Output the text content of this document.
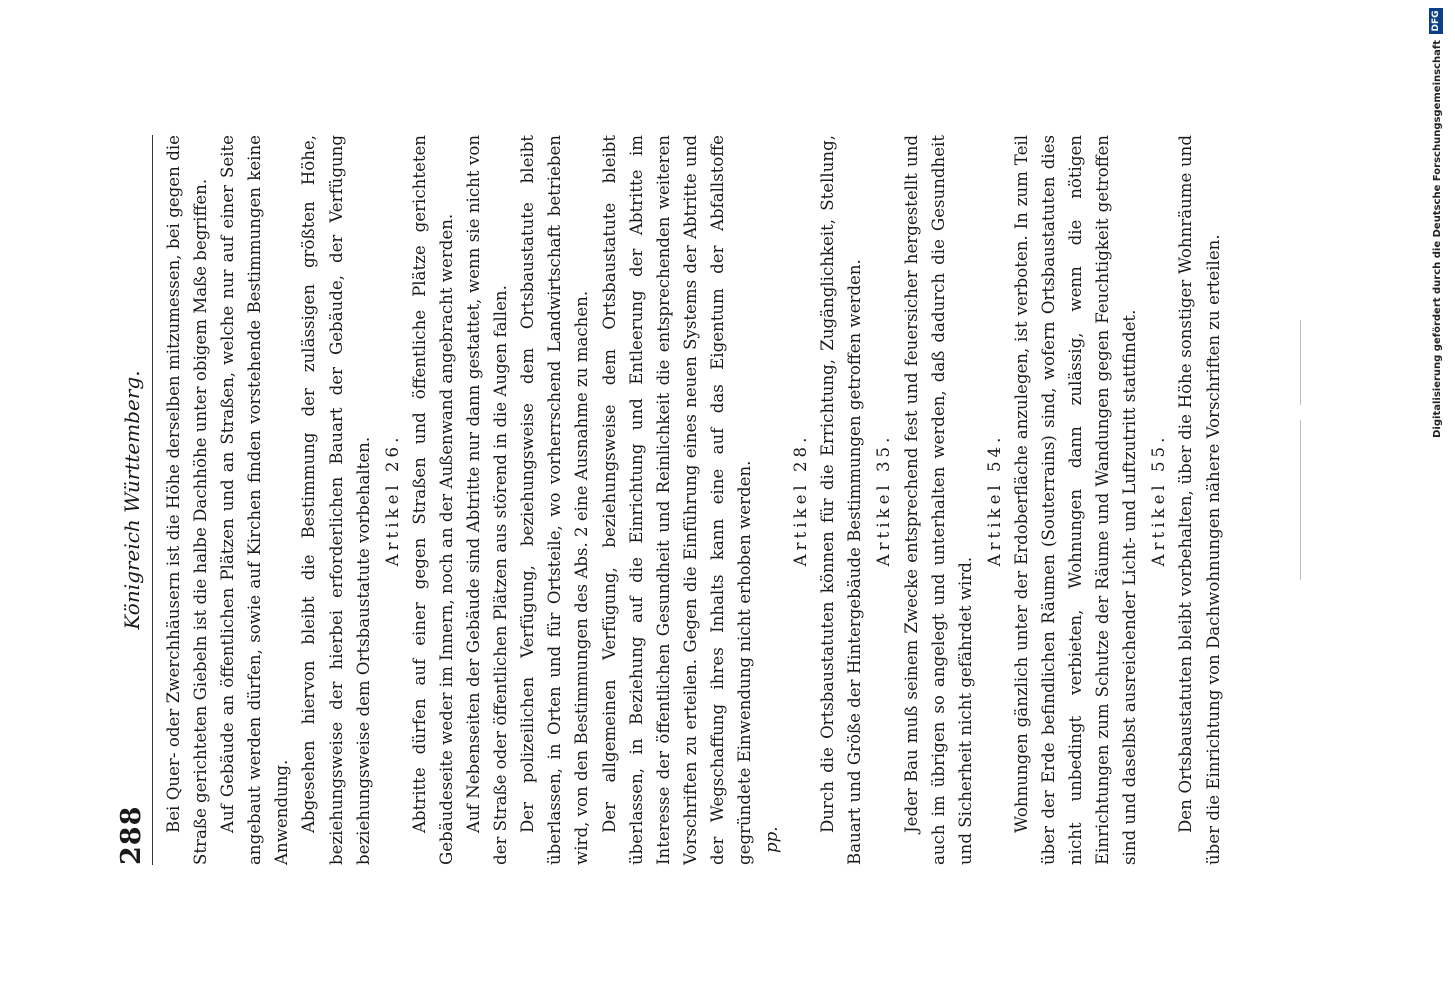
288
Königreich Württemberg. Bei Quer- oder Zwerchhäusern ist die Höhe derselben mitzumessen, bei gegen die Straße gerichteten Giebeln ist die halbe Dachhöhe unter obigem Maße begriffen. Auf Gebäude an öffentlichen Plätzen und an Straßen, welche nur auf einer Seite angebaut werden dürfen, sowie auf Kirchen finden vorstehende Bestimmungen keine Anwendung. Abgesehen hiervon bleibt die Bestimmung der zulässigen größten Höhe, beziehungsweise der hierbei erforderlichen Bauart der Gebäude, der Verfügung beziehungsweise dem Ortsbaustatute vorbehalten. Artikel 26. Abtritte dürfen auf einer gegen Straßen und öffentliche Plätze gerichteten Gebäudeseite weder im Innern, noch an der Außenwand angebracht werden. Auf Nebenseiten der Gebäude sind Abtritte nur dann gestattet, wenn sie nicht von der Straße oder öffentlichen Plätzen aus störend in die Augen fallen. Der polizeilichen Verfügung, beziehungsweise dem Ortsbaustatute bleibt überlassen, in Orten und für Ortsteile, wo vorherrschend Landwirtschaft betrieben wird, von den Bestimmungen des Abs. 2 eine Ausnahme zu machen. Der allgemeinen Verfügung, beziehungsweise dem Ortsbaustatute bleibt überlassen, in Beziehung auf die Einrichtung und Entleerung der Abtritte im Interesse der öffentlichen Gesundheit und Reinlichkeit die entsprechenden weiteren Vorschriften zu erteilen. Gegen die Einführung eines neuen Systems der Abtritte und der Wegschaffung ihres Inhalts kann eine auf das Eigentum der Abfallstoffe gegründete Einwendung nicht erhoben werden. pp.
Artikel 28. Durch die Ortsbaustatuten können für die Errichtung, Zugänglichkeit, Stellung, Bauart und Größe der Hintergebäude Bestimmungen getroffen werden. Artikel 35. Jeder Bau muß seinem Zwecke entsprechend fest und feuersicher hergestellt und auch im übrigen so angelegt und unterhalten werden, daß dadurch die Gesundheit und Sicherheit nicht gefährdet wird.

Artikel 54. Wohnungen gänzlich unter der Erdoberfläche anzulegen, ist verboten. In zum Teil über der Erde befindlichen Räumen (Souterrains) sind, wofern Ortsbaustatuten dies nicht unbedingt verbieten, Wohnungen dann zulässig, wenn die nötigen Einrichtungen zum Schutze der Räume und Wandungen gegen Feuchtigkeit getroffen sind und daselbst ausreichender Licht- und Luftzutritt stattfindet. Artikel 55. Den Ortsbaustatuten bleibt vorbehalten, über die Höhe sonstiger Wohnräume und über die Einrichtung von Dachwohnungen nähere Vorschriften zu erteilen.	Digitalisierung gefördert durch die Deutsche Forschungsgemeinschaft
DFG
